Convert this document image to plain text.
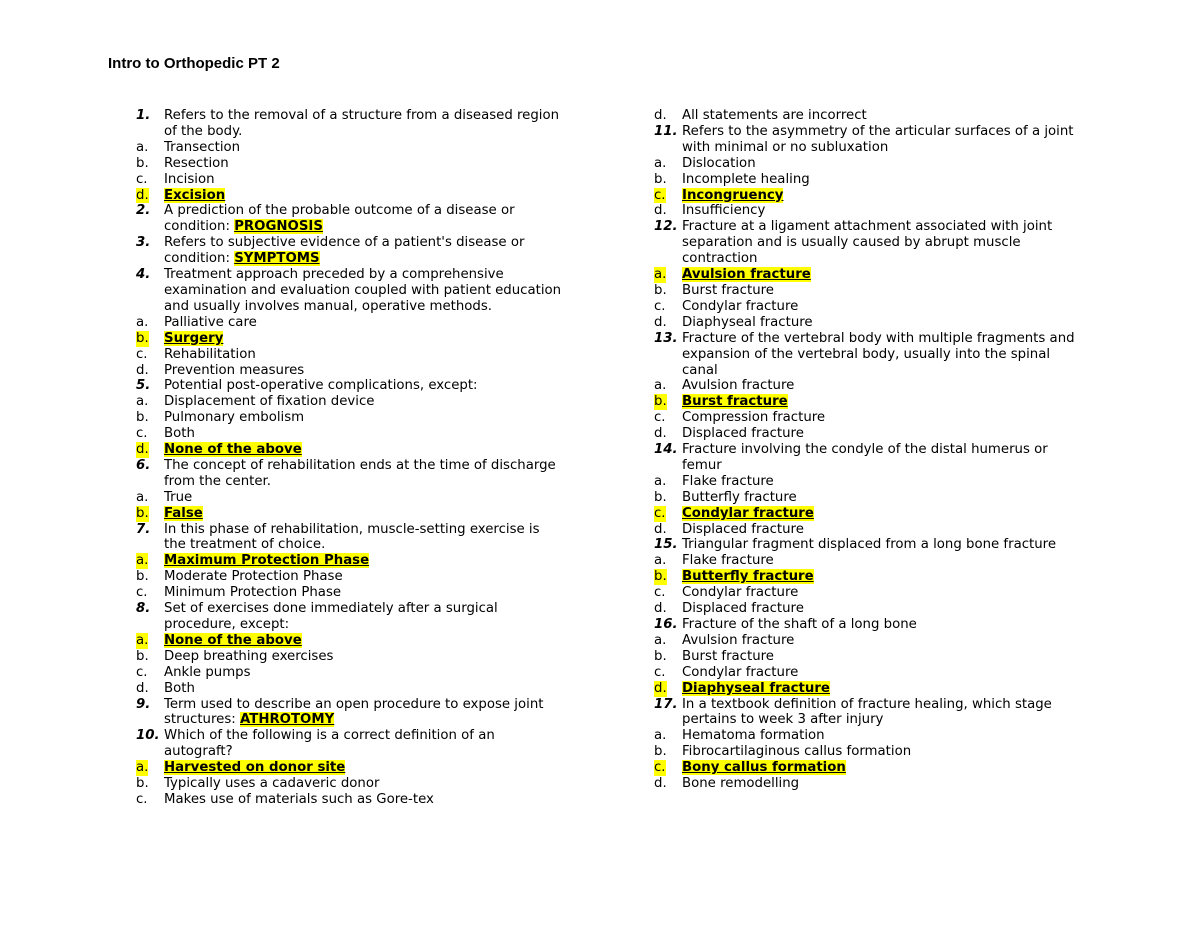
Intro to Orthopedic PT 2
1. Refers to the removal of a structure from a diseased region
of the body.
a. Transection
b. Resection
c. Incision
d. Excision
2. A prediction of the probable outcome of a disease or
condition: PROGNOSIS
3. Refers to subjective evidence of a patient's disease or
condition: SYMPTOMS
4. Treatment approach preceded by a comprehensive
examination and evaluation coupled with patient education
and usually involves manual, operative methods.
a. Palliative care
b. Surgery
c. Rehabilitation
d. Prevention measures
5. Potential post-operative complications, except:
a. Displacement of fixation device
b. Pulmonary embolism
c. Both
d. None of the above
6. The concept of rehabilitation ends at the time of discharge
from the center.
a. True
b. False
7. In this phase of rehabilitation, muscle-setting exercise is
the treatment of choice.
a. Maximum Protection Phase
b. Moderate Protection Phase
c. Minimum Protection Phase
8. Set of exercises done immediately after a surgical
procedure, except:
a. None of the above
b. Deep breathing exercises
c. Ankle pumps
d. Both
9. Term used to describe an open procedure to expose joint
structures: ATHROTOMY
10. Which of the following is a correct definition of an
autograft?
a. Harvested on donor site
b. Typically uses a cadaveric donor
c. Makes use of materials such as Gore-tex
d. All statements are incorrect
11. Refers to the asymmetry of the articular surfaces of a joint
with minimal or no subluxation
a. Dislocation
b. Incomplete healing
c. Incongruency
d. Insufficiency
12. Fracture at a ligament attachment associated with joint
separation and is usually caused by abrupt muscle
contraction
a. Avulsion fracture
b. Burst fracture
c. Condylar fracture
d. Diaphyseal fracture
13. Fracture of the vertebral body with multiple fragments and
expansion of the vertebral body, usually into the spinal
canal
a. Avulsion fracture
b. Burst fracture
c. Compression fracture
d. Displaced fracture
14. Fracture involving the condyle of the distal humerus or
femur
a. Flake fracture
b. Butterfly fracture
c. Condylar fracture
d. Displaced fracture
15. Triangular fragment displaced from a long bone fracture
a. Flake fracture
b. Butterfly fracture
c. Condylar fracture
d. Displaced fracture
16. Fracture of the shaft of a long bone
a. Avulsion fracture
b. Burst fracture
c. Condylar fracture
d. Diaphyseal fracture
17. In a textbook definition of fracture healing, which stage
pertains to week 3 after injury
a. Hematoma formation
b. Fibrocartilaginous callus formation
c. Bony callus formation
d. Bone remodelling
